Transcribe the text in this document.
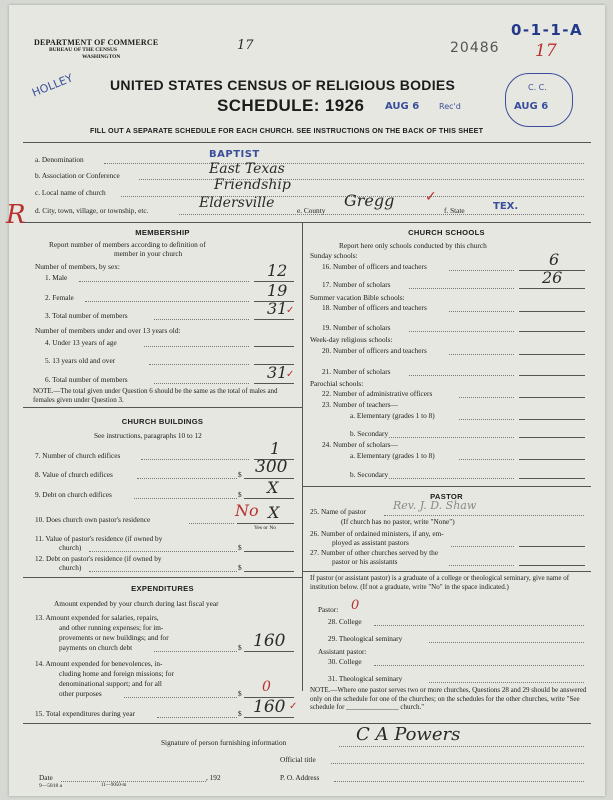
HOLLEY
DEPARTMENT OF COMMERCE
BUREAU OF THE CENSUS
WASHINGTON
17	20486
0-1-1-A
17
UNITED STATES CENSUS OF RELIGIOUS BODIES
SCHEDULE: 1926 AUG 6 Rec'd
C. C.
AUG 6
FILL OUT A SEPARATE SCHEDULE FOR EACH CHURCH. SEE INSTRUCTIONS ON THE BACK OF THIS SHEET
R
a. Denomination	BAPTIST
b. Association or Conference	East Texas
c. Local name of church	Friendship
d. City, town, village, or township, etc.	Eldersville	e. County
Gregg ✓
f. State	TEX.
MEMBERSHIP
Report number of members according to definition of
member in your church
Number of members, by sex:
1. Male	12
2. Female	19
3. Total number of members	31
✓
Number of members under and over 13 years old:
4. Under 13 years of age
5. 13 years old and over
6. Total number of members	31
✓
NOTE.—The total given under Question 6 should be the same as the total of males and females given under Question 3.
CHURCH BUILDINGS
See instructions, paragraphs 10 to 12
7. Number of church edifices	1
8. Value of church edifices	$ 300
9. Debt on church edifices	$ X
10. Does church own pastor's residence	No X
Yes or No
11. Value of pastor's residence (if owned by
church)	$
12. Debt on pastor's residence (if owned by
church)	$
EXPENDITURES
Amount expended by your church during last fiscal year
13. Amount expended for salaries, repairs,
and other running expenses; for im-
provements or new buildings; and for
payments on church debt	$ 160
14. Amount expended for benevolences, in-
cluding home and foreign missions; for
denominational support; and for all
other purposes	$ 0
15. Total expenditures during year	$ 160 ✓
CHURCH SCHOOLS
Report here only schools conducted by this church
Sunday schools:
16. Number of officers and teachers	6
17. Number of scholars	26
Summer vacation Bible schools:
18. Number of officers and teachers
19. Number of scholars
Week-day religious schools:
20. Number of officers and teachers
21. Number of scholars
Parochial schools:
22. Number of administrative officers
23. Number of teachers—
a. Elementary (grades 1 to 8)
b. Secondary
24. Number of scholars—
a. Elementary (grades 1 to 8)
b. Secondary
PASTOR
25. Name of pastor Rev. J. D. Shaw
(If church has no pastor, write "None")
26. Number of ordained ministers, if any, em-
ployed as assistant pastors
27. Number of other churches served by the
pastor or his assistants
If pastor (or assistant pastor) is a graduate of a college or theological seminary, give name of institution below. (If not a graduate, write "No" in the space indicated.)
Pastor: 0
28. College
29. Theological seminary
Assistant pastor:
30. College
31. Theological seminary
NOTE.—Where one pastor serves two or more churches, Questions 28 and 29 should be answered only on the schedule for one of the churches; on the schedules for the other churches, write "See schedule for _______________ church."
Signature of person furnishing information	C A Powers
Official title
Date	, 192	P. O. Address
9—5818 a	11—9050-m
